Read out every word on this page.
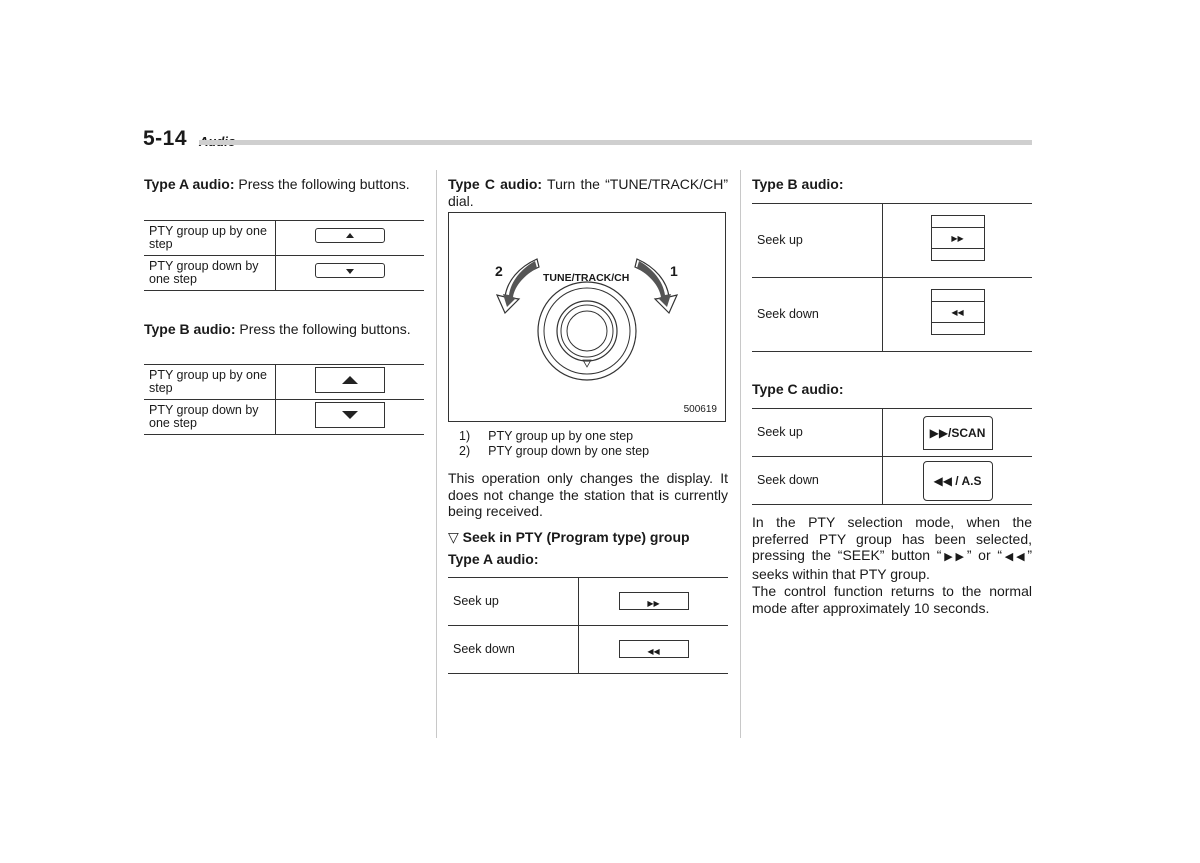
5-14
Type A audio: Press the following buttons.
PTY group up by one step	

PTY group down by one step	
Type B audio: Press the following buttons.
PTY group up by one step	

PTY group down by one step	
Type C audio: Turn the “TUNE/TRACK/CH” dial.
2	1
TUNE/TRACK/CH
500619
1) PTY group up by one step
2) PTY group down by one step
This operation only changes the display. It does not change the station that is currently being received.
▽ Seek in PTY (Program type) group
Type A audio:
Seek up	▶▶
Seek down	◀◀
Type B audio:
Seek up	▶▶

Seek down	◀◀
Type C audio:
Seek up	▶▶/SCAN
Seek down	◀◀ / A.S
In the PTY selection mode, when the preferred PTY group has been selected, pressing the “SEEK” button “▶▶” or “◀◀” seeks within that PTY group.
The control function returns to the normal mode after approximately 10 seconds.
